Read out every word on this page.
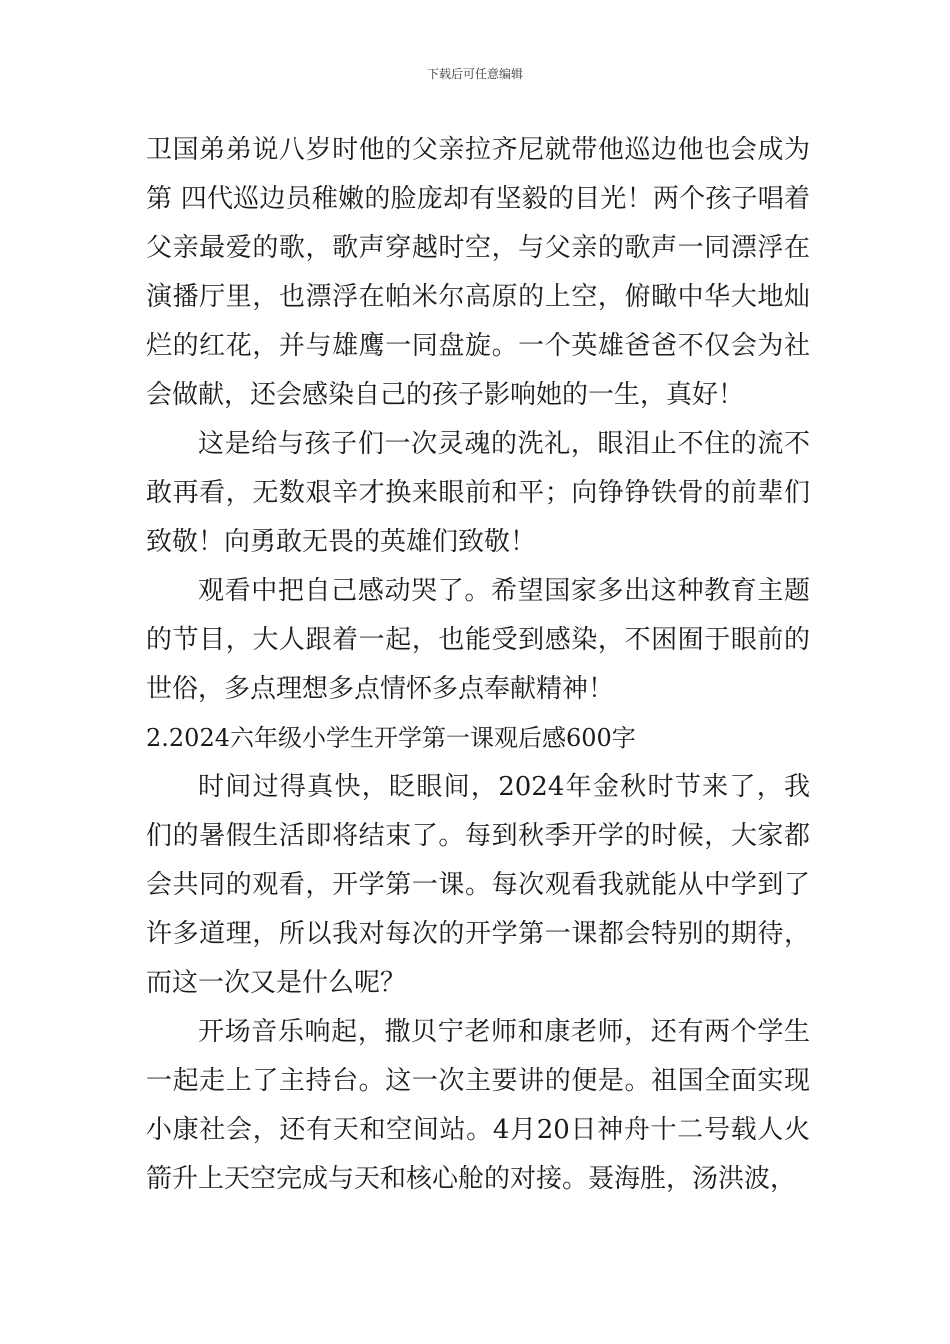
下载后可任意编辑

卫国弟弟说八岁时他的父亲拉齐尼就带他巡边他也会成为第 四代巡边员稚嫩的脸庞却有坚毅的目光！两个孩子唱着父亲最爱的歌，歌声穿越时空，与父亲的歌声一同漂浮在演播厅里，也漂浮在帕米尔高原的上空，俯瞰中华大地灿烂的红花，并与雄鹰一同盘旋。一个英雄爸爸不仅会为社会做献，还会感染自己的孩子影响她的一生，真好！

这是给与孩子们一次灵魂的洗礼，眼泪止不住的流不敢再看，无数艰辛才换来眼前和平；向铮铮铁骨的前辈们致敬！向勇敢无畏的英雄们致敬！

观看中把自己感动哭了。希望国家多出这种教育主题的节目，大人跟着一起，也能受到感染，不困囿于眼前的世俗，多点理想多点情怀多点奉献精神！

2.2024六年级小学生开学第一课观后感600字

时间过得真快，眨眼间，2024年金秋时节来了，我们的暑假生活即将结束了。每到秋季开学的时候，大家都会共同的观看，开学第一课。每次观看我就能从中学到了许多道理，所以我对每次的开学第一课都会特别的期待，而这一次又是什么呢？

开场音乐响起，撒贝宁老师和康老师，还有两个学生一起走上了主持台。这一次主要讲的便是。祖国全面实现小康社会，还有天和空间站。4月20日神舟十二号载人火箭升上天空完成与天和核心舱的对接。聂海胜，汤洪波，
